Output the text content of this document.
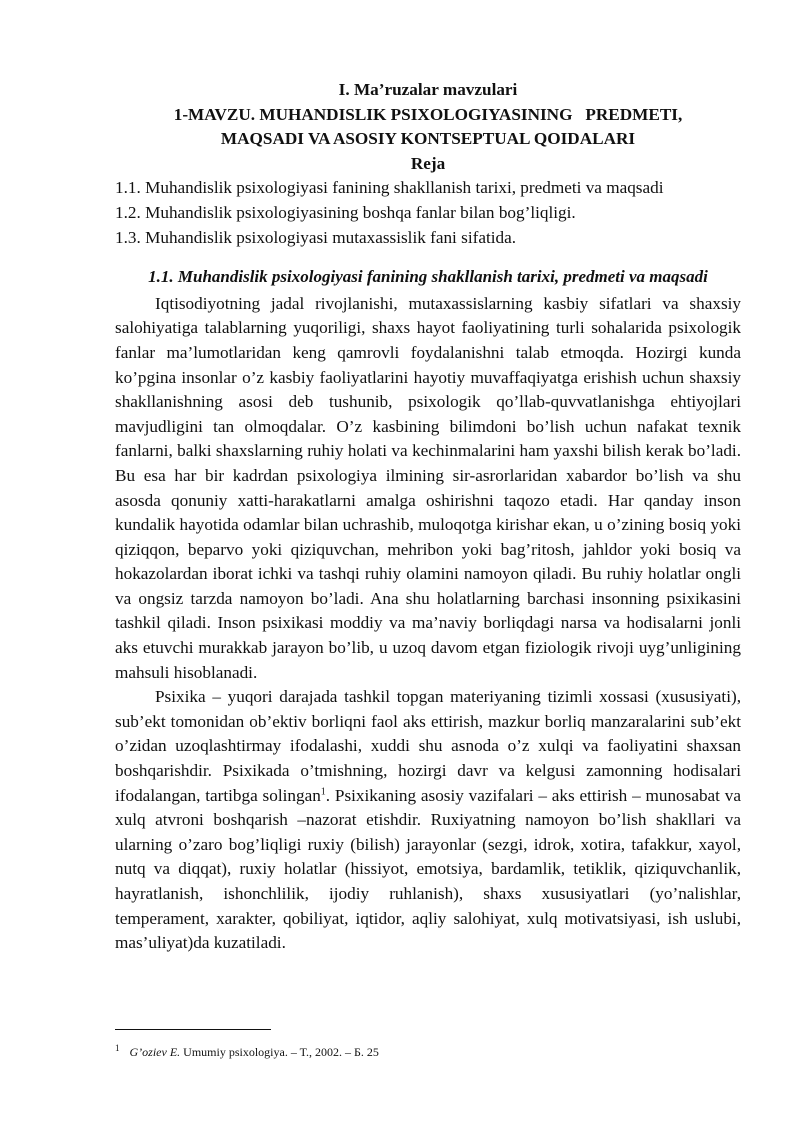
I. Ma’ruzalar mavzulari

1-MAVZU. MUHANDISLIK PSIXOLOGIYASINING   PREDMETI,

MAQSADI VA ASOSIY KONTSEPTUAL QOIDALARI

Reja

1.1. Muhandislik psixologiyasi fanining shakllanish tarixi, predmeti va maqsadi

1.2. Muhandislik psixologiyasining boshqa fanlar bilan bog’liqligi.

1.3. Muhandislik psixologiyasi mutaxassislik fani sifatida.

1.1. Muhandislik psixologiyasi fanining shakllanish tarixi, predmeti va maqsadi

Iqtisodiyotning jadal rivojlanishi, mutaxassislarning kasbiy sifatlari va shaxsiy salohiyatiga talablarning yuqoriligi, shaxs hayot faoliyatining turli sohalarida psixologik fanlar ma’lumotlaridan keng qamrovli foydalanishni talab etmoqda. Hozirgi kunda ko’pgina insonlar o’z kasbiy faoliyatlarini hayotiy muvaffaqiyatga erishish uchun shaxsiy shakllanishning asosi deb tushunib, psixologik qo’llab-quvvatlanishga ehtiyojlari mavjudligini tan olmoqdalar. O’z kasbining bilimdoni bo’lish uchun nafakat texnik fanlarni, balki shaxslarning ruhiy holati va kechinmalarini ham yaxshi bilish kerak bo’ladi. Bu esa har bir kadrdan psixologiya ilmining sir-asrorlaridan xabardor bo’lish va shu asosda qonuniy xatti-harakatlarni amalga oshirishni taqozo etadi. Har qanday inson kundalik hayotida odamlar bilan uchrashib, muloqotga kirishar ekan, u o’zining bosiq yoki qiziqqon, beparvo yoki qiziquvchan, mehribon yoki bag’ritosh, jahldor yoki bosiq va hokazolardan iborat ichki va tashqi ruhiy olamini namoyon qiladi. Bu ruhiy holatlar ongli va ongsiz tarzda namoyon bo’ladi. Ana shu holatlarning barchasi insonning psixikasini tashkil qiladi. Inson psixikasi moddiy va ma’naviy borliqdagi narsa va hodisalarni jonli aks etuvchi murakkab jarayon bo’lib, u uzoq davom etgan fiziologik rivoji uyg’unligining mahsuli hisoblanadi.

Psixika – yuqori darajada tashkil topgan materiyaning tizimli xossasi (xususiyati), sub’ekt tomonidan ob’ektiv borliqni faol aks ettirish, mazkur borliq manzaralarini sub’ekt o’zidan uzoqlashtirmay ifodalashi, xuddi shu asnoda o’z xulqi va faoliyatini shaxsan boshqarishdir. Psixikada o’tmishning, hozirgi davr va kelgusi zamonning hodisalari ifodalangan, tartibga solingan$^1$. Psixikaning asosiy vazifalari – aks ettirish – munosabat va xulq atvroni boshqarish –nazorat etishdir. Ruxiyatning namoyon bo’lish shakllari va ularning o’zaro bog’liqligi ruxiy (bilish) jarayonlar (sezgi, idrok, xotira, tafakkur, xayol, nutq va diqqat), ruxiy holatlar (hissiyot, emotsiya, bardamlik, tetiklik, qiziquvchanlik, hayratlanish, ishonchlilik, ijodiy ruhlanish), shaxs xususiyatlari (yo’nalishlar, temperament, xarakter, qobiliyat, iqtidor, aqliy salohiyat, xulq motivatsiyasi, ish uslubi, mas’uliyat)da kuzatiladi.

$^1$ G’oziev E. Umumiy psixologiya. – T., 2002. – Б. 25
